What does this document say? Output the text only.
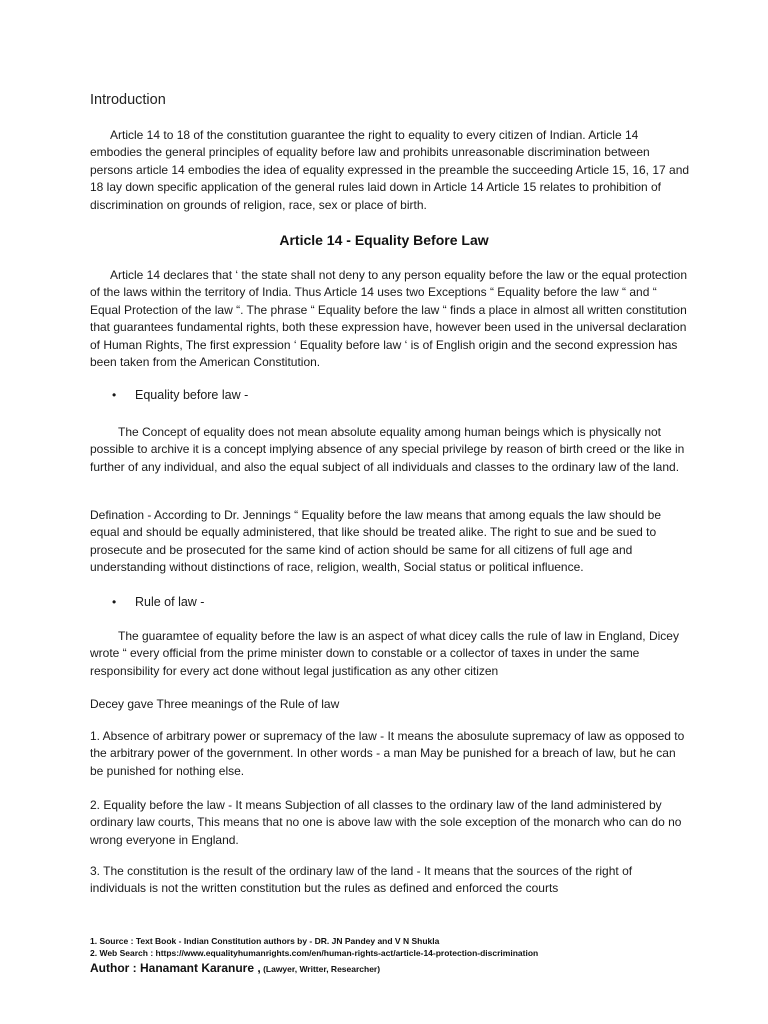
Introduction

Article 14 to 18 of the constitution guarantee the right to equality to every citizen of Indian. Article 14 embodies the general principles of equality before law and prohibits unreasonable discrimination between persons article 14 embodies the idea of equality expressed in the preamble the succeeding Article 15, 16, 17 and 18 lay down specific application of the general rules laid down in Article 14 Article 15 relates to prohibition of discrimination on grounds of religion, race, sex or place of birth.

Article 14 - Equality Before Law

Article 14 declares that ‘ the state shall not deny to any person equality before the law or the equal protection of the laws within the territory of India. Thus Article 14 uses two Exceptions “ Equality before the law “ and “ Equal Protection of the law “. The phrase “ Equality before the law “ finds a place in almost all written constitution that guarantees fundamental rights, both these expression have, however been used in the universal declaration of Human Rights, The first expression ‘ Equality before law ‘ is of English origin and the second expression has been taken from the American Constitution.

• Equality before law -

The Concept of equality does not mean absolute equality among human beings which is physically not possible to archive it is a concept implying absence of any special privilege by reason of birth creed or the like in further of any individual, and also the equal subject of all individuals and classes to the ordinary law of the land.

Defination - According to Dr. Jennings “ Equality before the law means that among equals the law should be equal and should be equally administered, that like should be treated alike. The right to sue and be sued to prosecute and be prosecuted for the same kind of action should be same for all citizens of full age and understanding without distinctions of race, religion, wealth, Social status or political influence.

• Rule of law -

The guaramtee of equality before the law is an aspect of what dicey calls the rule of law in England, Dicey wrote “ every official from the prime minister down to constable or a collector of taxes in under the same responsibility for every act done without legal justification as any other citizen

Decey gave Three meanings of the Rule of law

1. Absence of arbitrary power or supremacy of the law - It means the abosulute supremacy of law as opposed to the arbitrary power of the government. In other words - a man May be punished for a breach of law, but he can be punished for nothing else.

2. Equality before the law - It means Subjection of all classes to the ordinary law of the land administered by ordinary law courts, This means that no one is above law with the sole exception of the monarch who can do no wrong everyone in England.

3. The constitution is the result of the ordinary law of the land - It means that the sources of the right of individuals is not the written constitution but the rules as defined and enforced the courts

1. Source : Text Book - Indian Constitution authors by - DR. JN Pandey and V N Shukla

2. Web Search : https://www.equalityhumanrights.com/en/human-rights-act/article-14-protection-discrimination

Author : Hanamant Karanure , (Lawyer, Writter, Researcher)
